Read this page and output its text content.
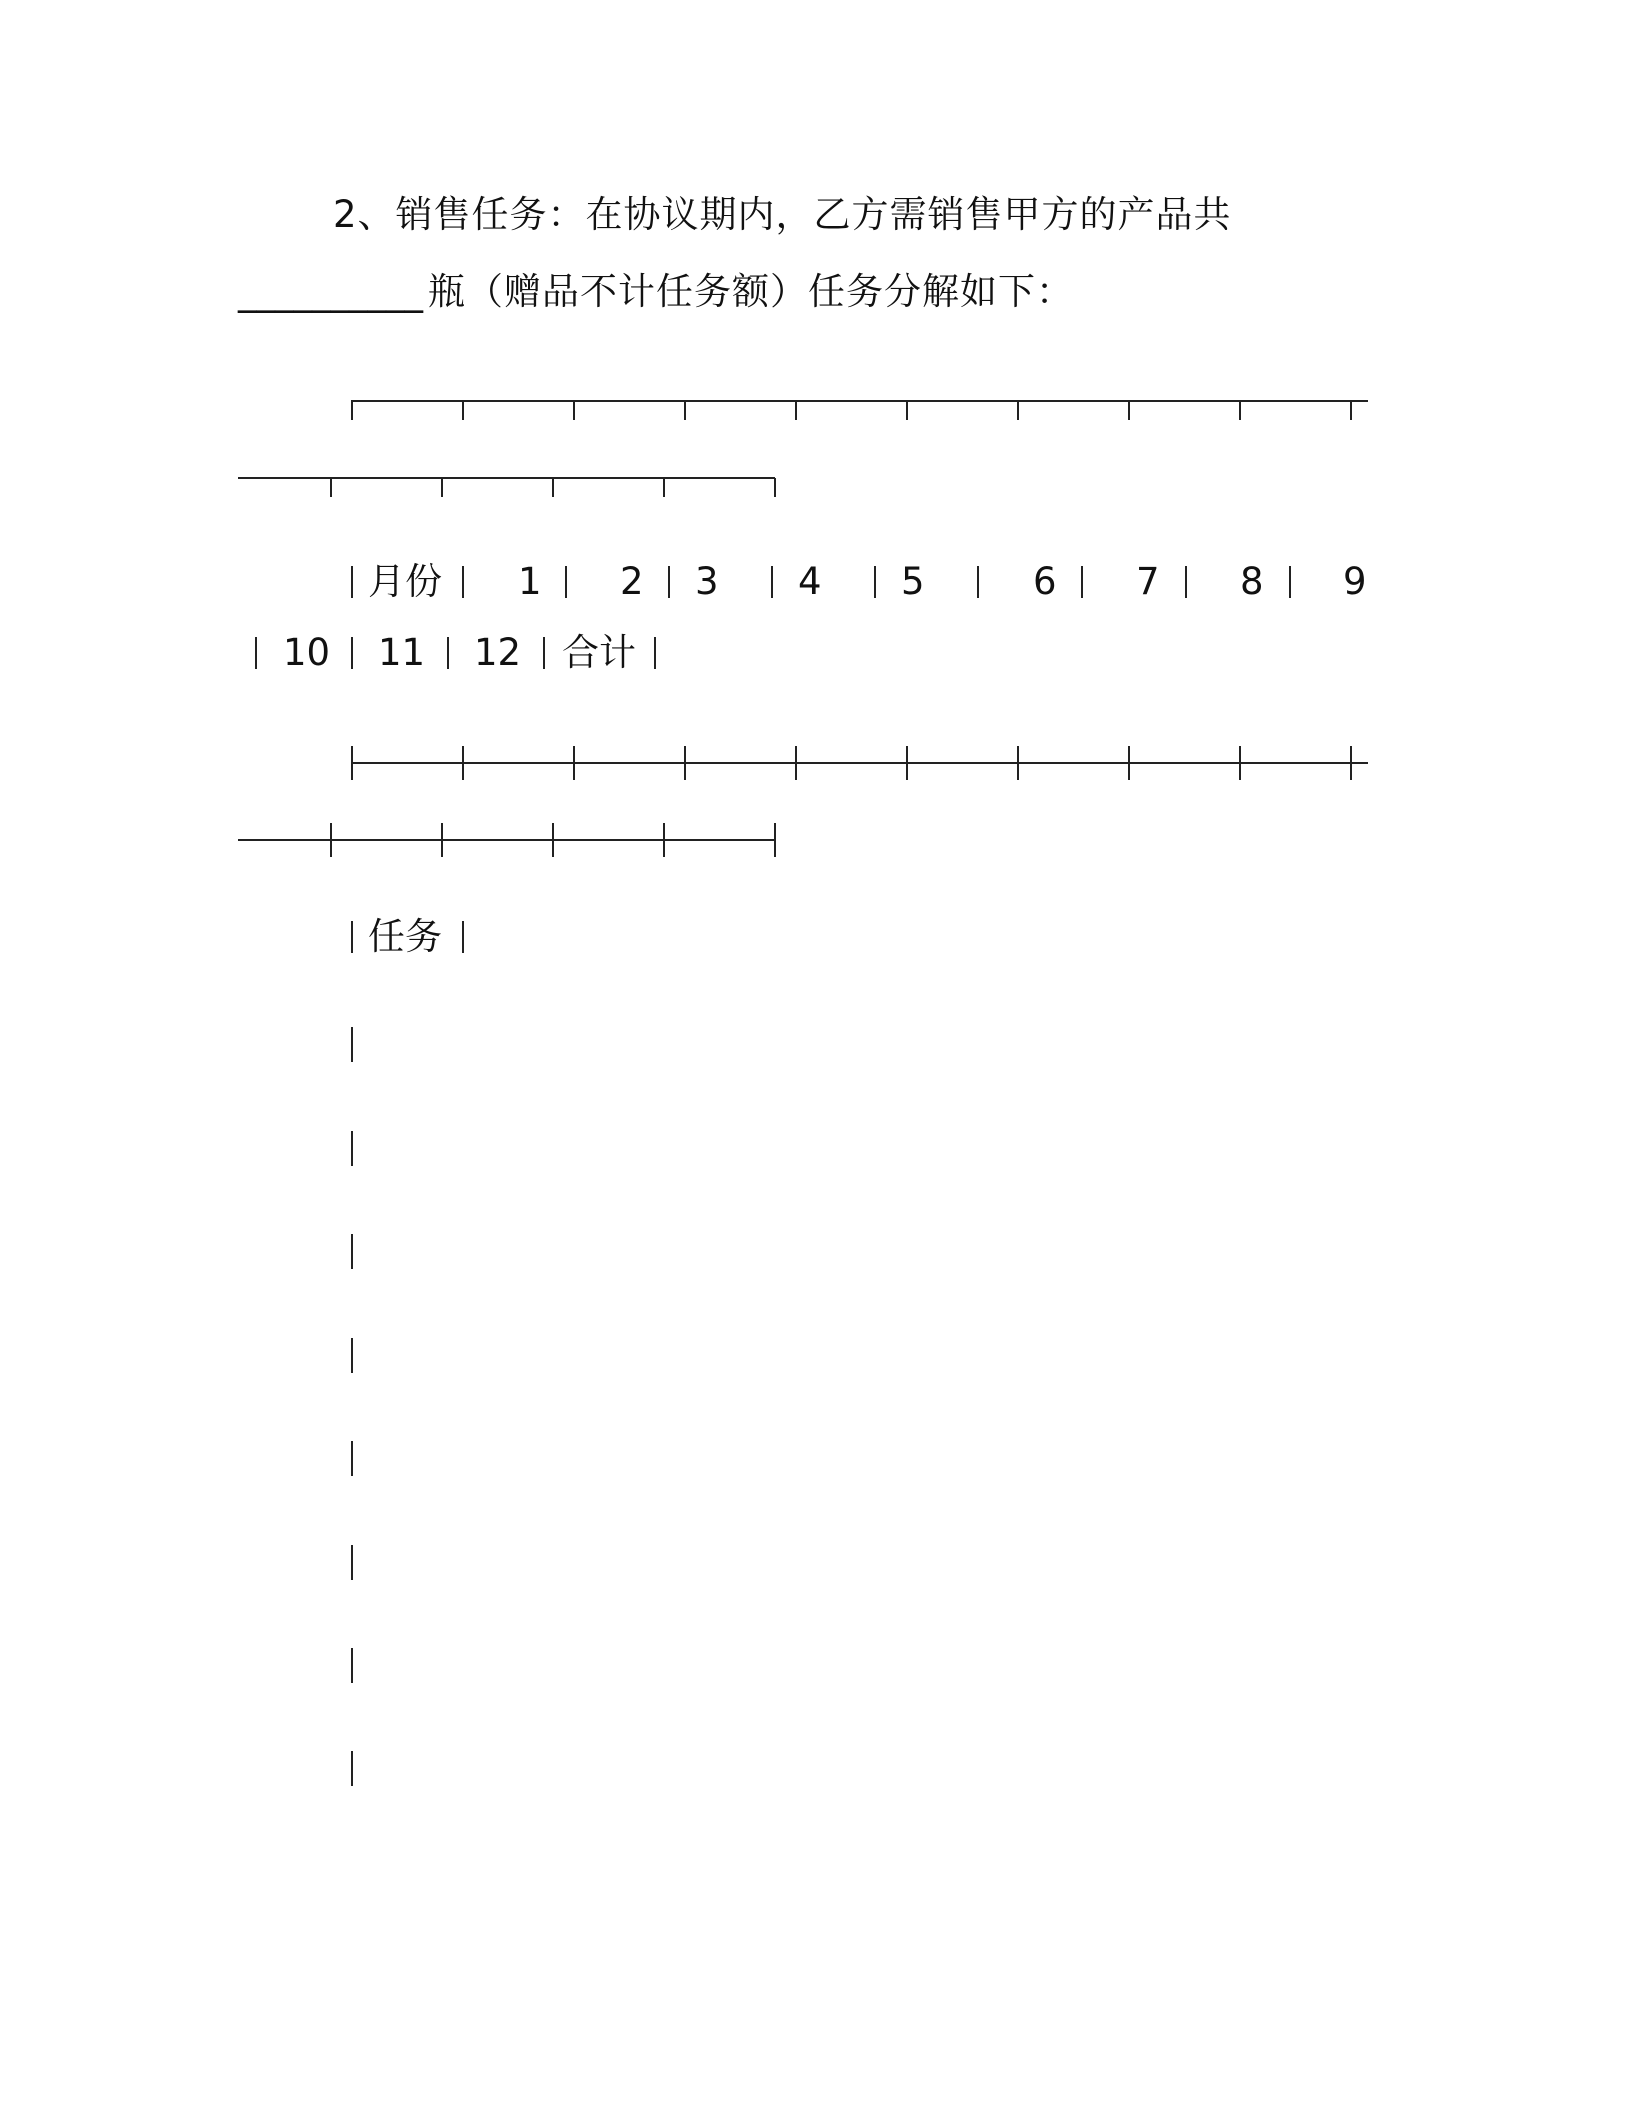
2、销售任务：在协议期内，乙方需销售甲方的产品共
__________ 瓶（赠品不计任务额）任务分解如下：
月份 1 2 3 4 5	6 7 8 9
10 11 12 合计
任务
